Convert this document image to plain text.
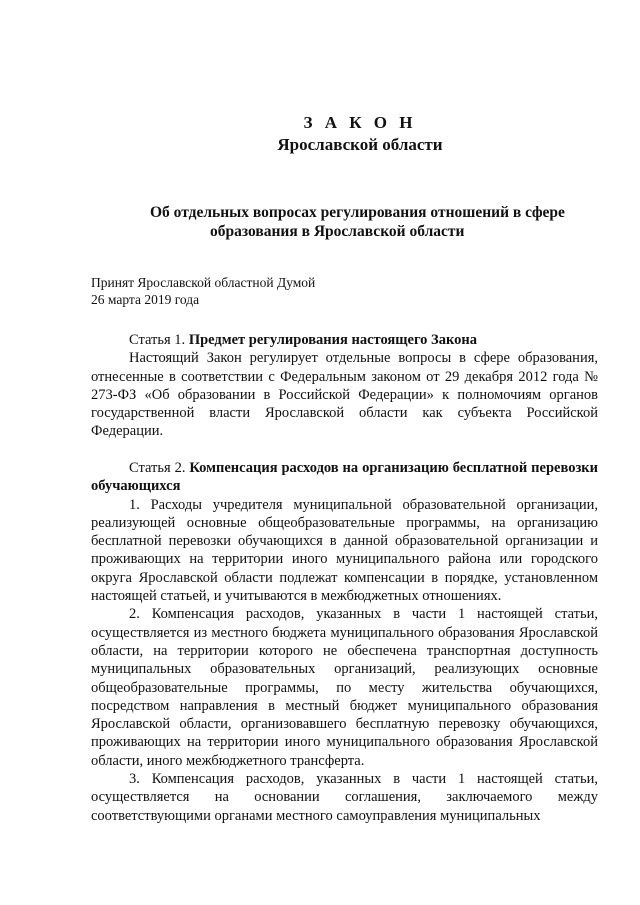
З А К О Н
Ярославской области
Об отдельных вопросах регулирования отношений в сфере
образования в Ярославской области
Принят Ярославской областной Думой
26 марта 2019 года

Статья 1. Предмет регулирования настоящего Закона

Настоящий Закон регулирует отдельные вопросы в сфере образования, отнесенные в соответствии с Федеральным законом от 29 декабря 2012 года № 273-ФЗ «Об образовании в Российской Федерации» к полномочиям органов государственной власти Ярославской области как субъекта Российской Федерации.

Статья 2. Компенсация расходов на организацию бесплатной перевозки обучающихся

1. Расходы учредителя муниципальной образовательной организации, реализующей основные общеобразовательные программы, на организацию бесплатной перевозки обучающихся в данной образовательной организации и проживающих на территории иного муниципального района или городского округа Ярославской области подлежат компенсации в порядке, установленном настоящей статьей, и учитываются в межбюджетных отношениях.

2. Компенсация расходов, указанных в части 1 настоящей статьи, осуществляется из местного бюджета муниципального образования Ярославской области, на территории которого не обеспечена транспортная доступность муниципальных образовательных организаций, реализующих основные общеобразовательные программы, по месту жительства обучающихся, посредством направления в местный бюджет муниципального образования Ярославской области, организовавшего бесплатную перевозку обучающихся, проживающих на территории иного муниципального образования Ярославской области, иного межбюджетного трансферта.

3. Компенсация расходов, указанных в части 1 настоящей статьи, осуществляется на основании соглашения, заключаемого между соответствующими органами местного самоуправления муниципальных
